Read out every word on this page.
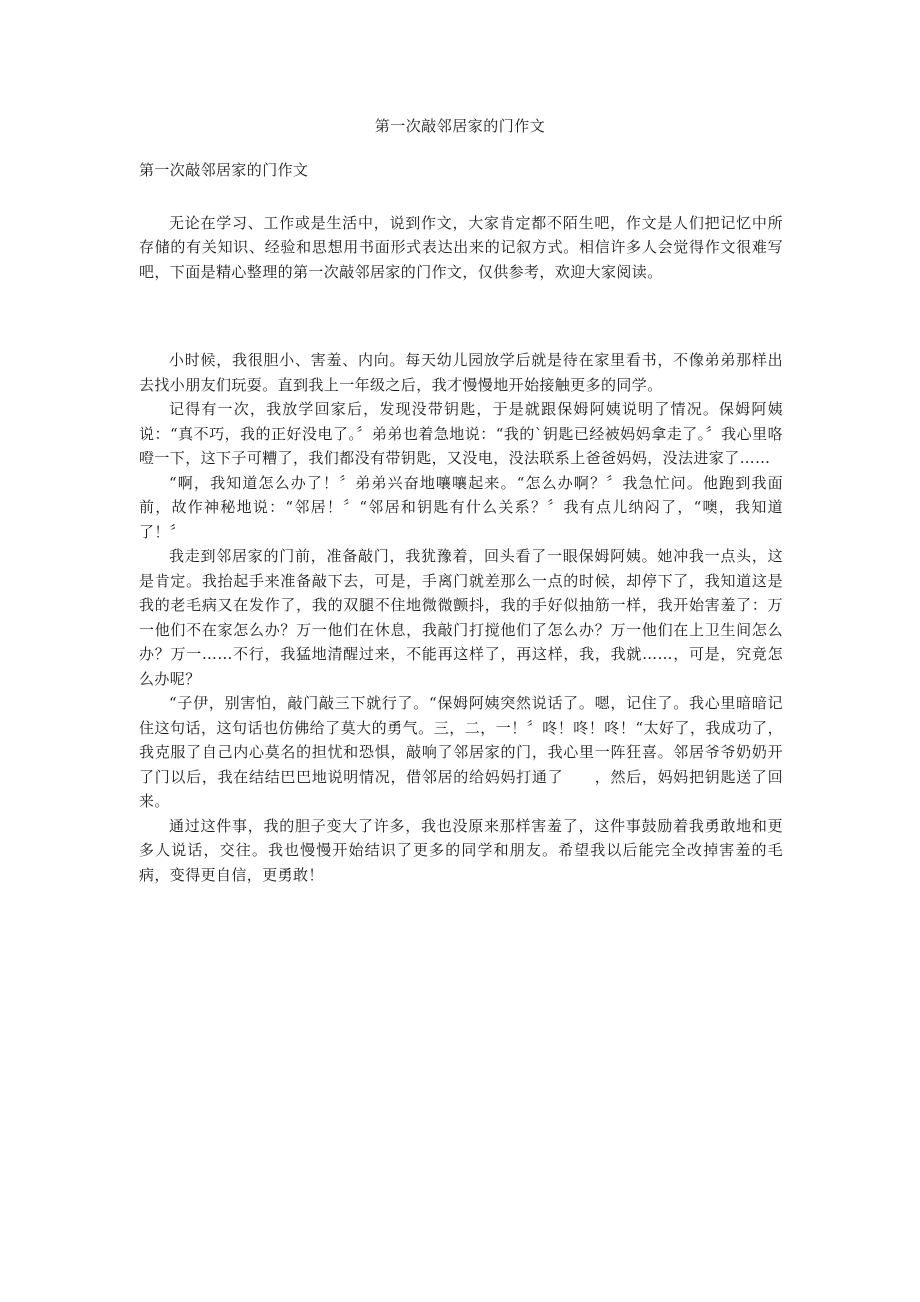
第一次敲邻居家的门作文

第一次敲邻居家的门作文

无论在学习、工作或是生活中，说到作文，大家肯定都不陌生吧，作文是人们把记忆中所存储的有关知识、经验和思想用书面形式表达出来的记叙方式。相信许多人会觉得作文很难写吧，下面是精心整理的第一次敲邻居家的门作文，仅供参考，欢迎大家阅读。

小时候，我很胆小、害羞、内向。每天幼儿园放学后就是待在家里看书，不像弟弟那样出去找小朋友们玩耍。直到我上一年级之后，我才慢慢地开始接触更多的同学。

记得有一次，我放学回家后，发现没带钥匙，于是就跟保姆阿姨说明了情况。保姆阿姨说：“真不巧，我的正好没电了。〞弟弟也着急地说：“我的`钥匙已经被妈妈拿走了。〞我心里咯噔一下，这下子可糟了，我们都没有带钥匙，又没电，没法联系上爸爸妈妈，没法进家了……

“啊，我知道怎么办了！〞弟弟兴奋地嚷嚷起来。“怎么办啊？〞我急忙问。他跑到我面前，故作神秘地说：“邻居！〞“邻居和钥匙有什么关系？〞我有点儿纳闷了，“噢，我知道了！〞

我走到邻居家的门前，准备敲门，我犹豫着，回头看了一眼保姆阿姨。她冲我一点头，这是肯定。我抬起手来准备敲下去，可是，手离门就差那么一点的时候，却停下了，我知道这是我的老毛病又在发作了，我的双腿不住地微微颤抖，我的手好似抽筋一样，我开始害羞了：万一他们不在家怎么办？万一他们在休息，我敲门打搅他们了怎么办？万一他们在上卫生间怎么办？万一……不行，我猛地清醒过来，不能再这样了，再这样，我，我就……，可是，究竟怎么办呢？

“子伊，别害怕，敲门敲三下就行了。“保姆阿姨突然说话了。嗯，记住了。我心里暗暗记住这句话，这句话也仿佛给了莫大的勇气。三，二，一！〞咚！咚！咚！“太好了，我成功了，我克服了自己内心莫名的担忧和恐惧，敲响了邻居家的门，我心里一阵狂喜。邻居爷爷奶奶开了门以后，我在结结巴巴地说明情况，借邻居的给妈妈打通了　　，然后，妈妈把钥匙送了回来。

通过这件事，我的胆子变大了许多，我也没原来那样害羞了，这件事鼓励着我勇敢地和更多人说话，交往。我也慢慢开始结识了更多的同学和朋友。希望我以后能完全改掉害羞的毛病，变得更自信，更勇敢！
